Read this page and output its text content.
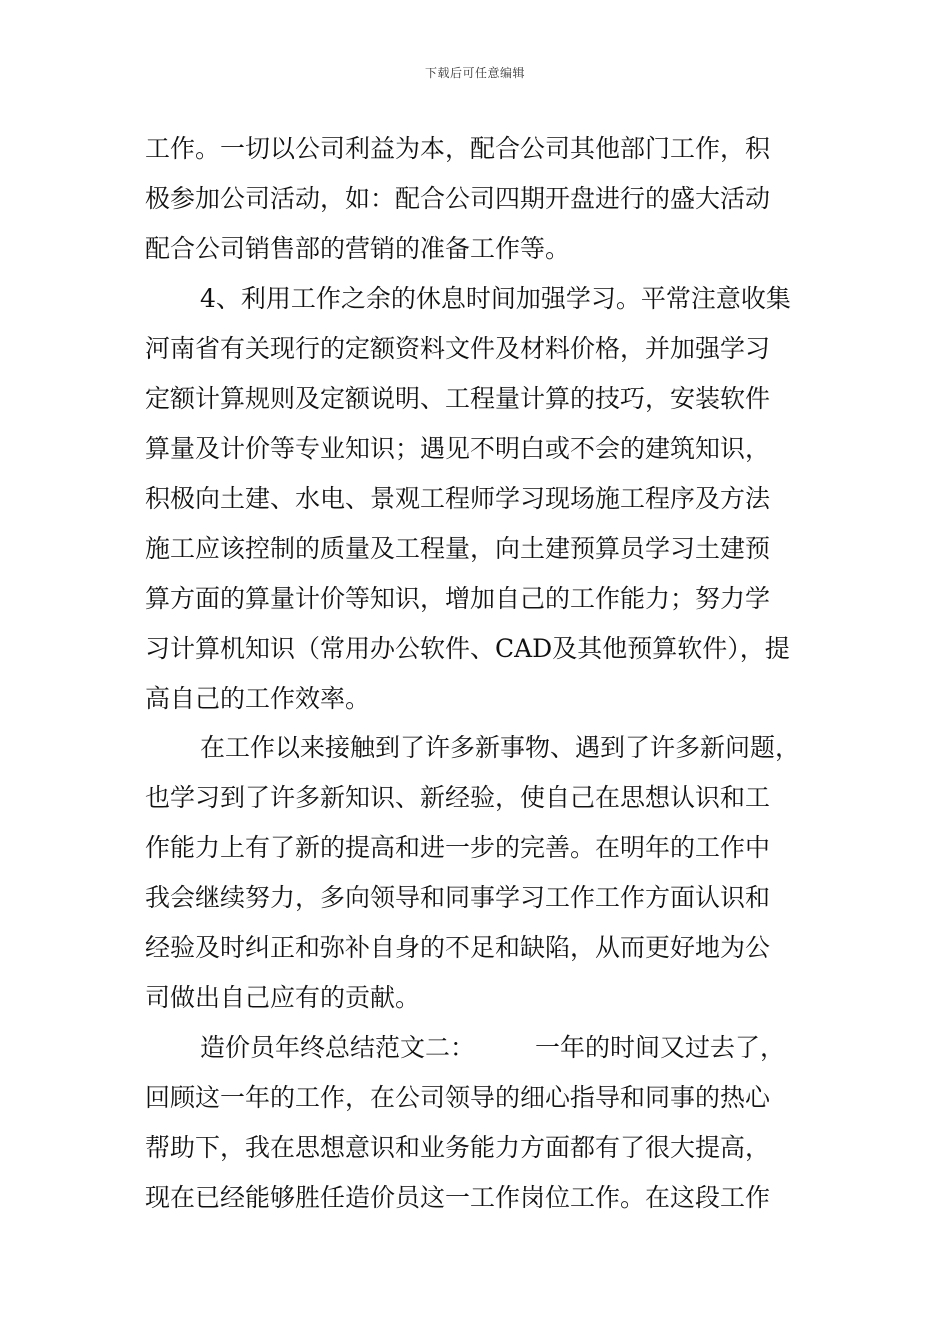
下载后可任意编辑
工作。一切以公司利益为本，配合公司其他部门工作，积
极参加公司活动，如：配合公司四期开盘进行的盛大活动
配合公司销售部的营销的准备工作等。
4、利用工作之余的休息时间加强学习。平常注意收集
河南省有关现行的定额资料文件及材料价格，并加强学习
定额计算规则及定额说明、工程量计算的技巧，安装软件
算量及计价等专业知识；遇见不明白或不会的建筑知识，
积极向土建、水电、景观工程师学习现场施工程序及方法
施工应该控制的质量及工程量，向土建预算员学习土建预
算方面的算量计价等知识，增加自己的工作能力；努力学
习计算机知识（常用办公软件、CAD及其他预算软件），提
高自己的工作效率。
在工作以来接触到了许多新事物、遇到了许多新问题，
也学习到了许多新知识、新经验，使自己在思想认识和工
作能力上有了新的提高和进一步的完善。在明年的工作中
我会继续努力，多向领导和同事学习工作工作方面认识和
经验及时纠正和弥补自身的不足和缺陷，从而更好地为公
司做出自己应有的贡献。
造价员年终总结范文二： 一年的时间又过去了，
回顾这一年的工作，在公司领导的细心指导和同事的热心
帮助下，我在思想意识和业务能力方面都有了很大提高，
现在已经能够胜任造价员这一工作岗位工作。在这段工作
